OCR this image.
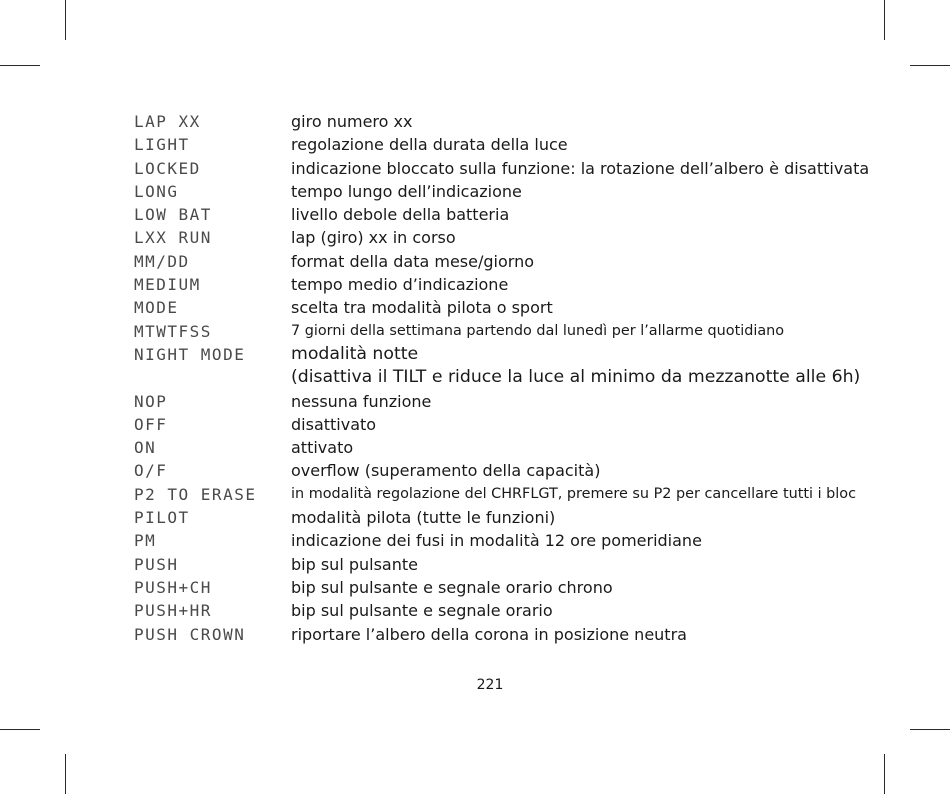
LAP XX	giro numero xx
LIGHT	regolazione della durata della luce
LOCKED	indicazione bloccato sulla funzione: la rotazione dell’albero è disattivata
LONG	tempo lungo dell’indicazione
LOW BAT	livello debole della batteria
LXX RUN	lap (giro) xx in corso
MM/DD	format della data mese/giorno
MEDIUM	tempo medio d’indicazione
MODE	scelta tra modalità pilota o sport
MTWTFSS	7 giorni della settimana partendo dal lunedì per l’allarme quotidiano
NIGHT MODE	modalità notte
(disattiva il TILT e riduce la luce al minimo da mezzanotte alle 6h)
NOP	nessuna funzione
OFF	disattivato
ON	attivato
O/F	overflow (superamento della capacità)
P2 TO ERASE	in modalità regolazione del CHRFLGT, premere su P2 per cancellare tutti i bloc
PILOT	modalità pilota (tutte le funzioni)
PM	indicazione dei fusi in modalità 12 ore pomeridiane
PUSH	bip sul pulsante
PUSH+CH	bip sul pulsante e segnale orario chrono
PUSH+HR	bip sul pulsante e segnale orario
PUSH CROWN	riportare l’albero della corona in posizione neutra
221
